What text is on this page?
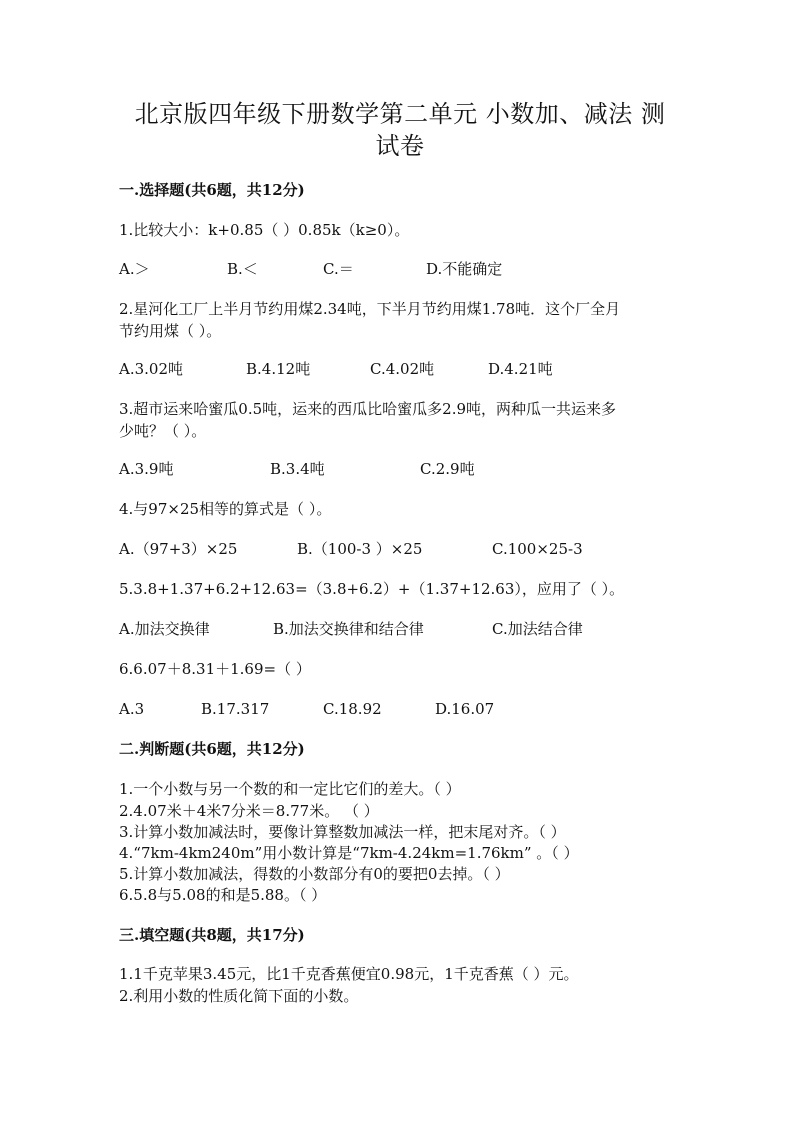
北京版四年级下册数学第二单元 小数加、减法 测
试卷
一.选择题(共6题，共12分)
1.比较大小：k+0.85（ ）0.85k（k≥0）。
A.＞	B.＜	C.＝	D.不能确定
2.星河化工厂上半月节约用煤2.34吨，下半月节约用煤1.78吨．这个厂全月
节约用煤（ ）。
A.3.02吨	B.4.12吨	C.4.02吨	D.4.21吨
3.超市运来哈蜜瓜0.5吨，运来的西瓜比哈蜜瓜多2.9吨，两种瓜一共运来多
少吨？（ ）。
A.3.9吨	B.3.4吨	C.2.9吨
4.与97×25相等的算式是（ ）。
A.（97+3）×25	B.（100-3 ）×25	C.100×25-3
5.3.8+1.37+6.2+12.63=（3.8+6.2）+（1.37+12.63），应用了（ ）。
A.加法交换律	B.加法交换律和结合律	C.加法结合律
6.6.07＋8.31＋1.69=（ ）
A.3	B.17.317	C.18.92	D.16.07
二.判断题(共6题，共12分)
1.一个小数与另一个数的和一定比它们的差大。（ ）
2.4.07米＋4米7分米＝8.77米。 （ ）
3.计算小数加减法时，要像计算整数加减法一样，把末尾对齐。（ ）
4.“7km-4km240m”用小数计算是“7km-4.24km=1.76km” 。（ ）
5.计算小数加减法，得数的小数部分有0的要把0去掉。（ ）
6.5.8与5.08的和是5.88。（ ）
三.填空题(共8题，共17分)
1.1千克苹果3.45元，比1千克香蕉便宜0.98元，1千克香蕉（ ）元。
2.利用小数的性质化简下面的小数。
